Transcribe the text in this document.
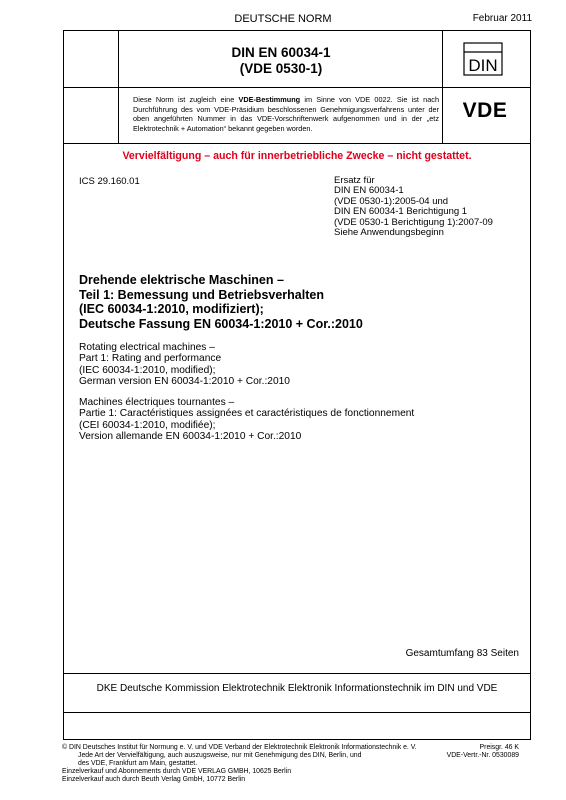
DEUTSCHE NORM	Februar 2011
DIN EN 60034-1
(VDE 0530-1)	DIN
Diese Norm ist zugleich eine VDE-Bestimmung im Sinne von VDE 0022. Sie ist nach Durchführung des vom VDE-Präsidium beschlossenen Genehmigungsverfahrens unter der oben angeführten Nummer in das VDE-Vorschriftenwerk aufgenommen und in der „etz Elektrotechnik + Automation“ bekannt gegeben worden.
VDE
Vervielfältigung – auch für innerbetriebliche Zwecke – nicht gestattet.
ICS 29.160.01	Ersatz für
DIN EN 60034-1
(VDE 0530-1):2005-04 und
DIN EN 60034-1 Berichtigung 1
(VDE 0530-1 Berichtigung 1):2007-09
Siehe Anwendungsbeginn
Drehende elektrische Maschinen –
Teil 1: Bemessung und Betriebsverhalten
(IEC 60034-1:2010, modifiziert);
Deutsche Fassung EN 60034-1:2010 + Cor.:2010
Rotating electrical machines –
Part 1: Rating and performance
(IEC 60034-1:2010, modified);
German version EN 60034-1:2010 + Cor.:2010
Machines électriques tournantes –
Partie 1: Caractéristiques assignées et caractéristiques de fonctionnement
(CEI 60034-1:2010, modifiée);
Version allemande EN 60034-1:2010 + Cor.:2010
Gesamtumfang 83 Seiten
DKE Deutsche Kommission Elektrotechnik Elektronik Informationstechnik im DIN und VDE
© DIN Deutsches Institut für Normung e. V. und VDE Verband der Elektrotechnik Elektronik Informationstechnik e. V.
Jede Art der Vervielfältigung, auch auszugsweise, nur mit Genehmigung des DIN, Berlin, und
des VDE, Frankfurt am Main, gestattet.
Einzelverkauf und Abonnements durch VDE VERLAG GMBH, 10625 Berlin
Einzelverkauf auch durch Beuth Verlag GmbH, 10772 Berlin
Preisgr. 46 K
VDE-Vertr.-Nr. 0530089
